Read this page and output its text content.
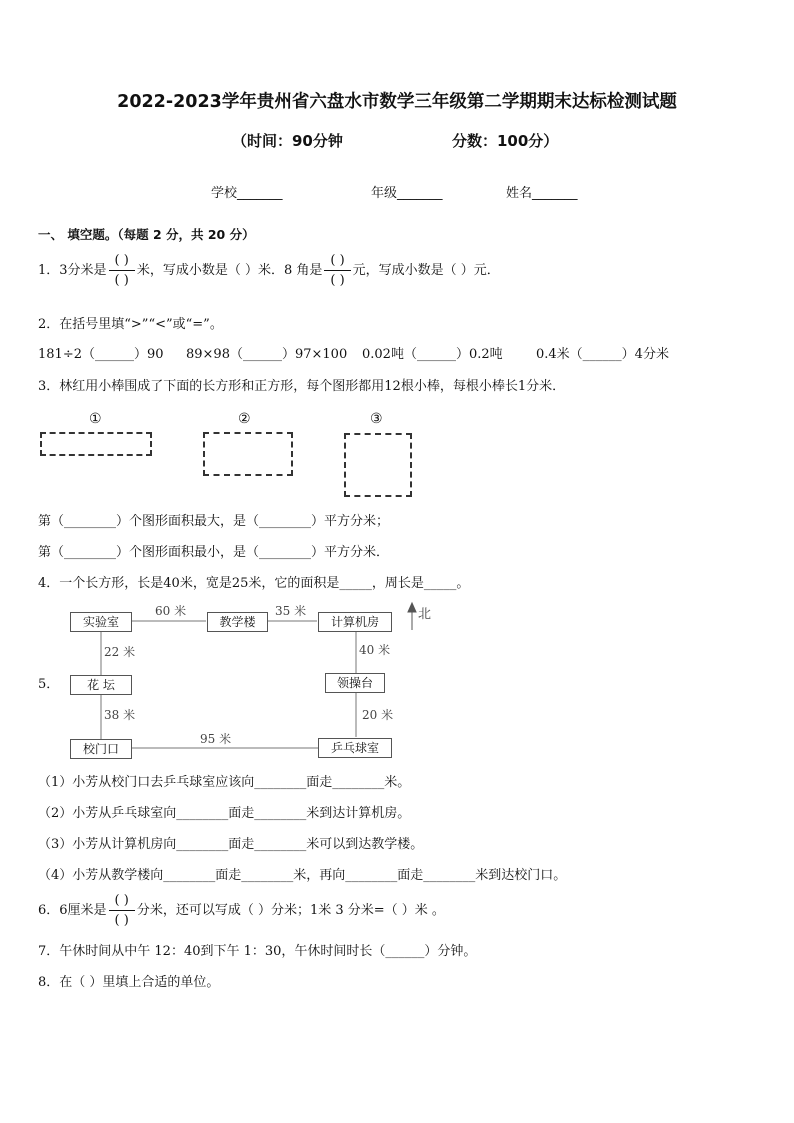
2022-2023学年贵州省六盘水市数学三年级第二学期期末达标检测试题
（时间：90分钟	分数：100分）
学校_______	年级_______	姓名_______
一、 填空题。（每题 2 分，共 20 分）
1．3分米是 $\frac{( )}{( )}$ 米，写成小数是（ ）米．8 角是 $\frac{( )}{( )}$ 元，写成小数是（ ）元．
2．在括号里填“>”“<”或“=”。
181÷2（______）90 89×98（______）97×100 0.02吨（______）0.2吨	0.4米（______）4分米
3．林红用小棒围成了下面的长方形和正方形，每个图形都用12根小棒，每根小棒长1分米．
①	②	③
第（________）个图形面积最大，是（________）平方分米；
第（________）个图形面积最小，是（________）平方分米．
4．一个长方形，长是40米，宽是25米，它的面积是_____，周长是_____。
5．
实验室	教学楼	计算机房
花 坛	领操台
校门口	乒乓球室
60 米	35 米
22 米	40 米
38 米	20 米
95 米
北
（1）小芳从校门口去乒乓球室应该向________面走________米。
（2）小芳从乒乓球室向________面走________米到达计算机房。
（3）小芳从计算机房向________面走________米可以到达教学楼。
（4）小芳从教学楼向________面走________米，再向________面走________米到达校门口。
6．6厘米是 $\frac{( )}{( )}$ 分米，还可以写成（ ）分米；1米 3 分米=（ ）米 。
7．午休时间从中午 12：40到下午 1：30，午休时间时长（______）分钟。
8．在（ ）里填上合适的单位。
